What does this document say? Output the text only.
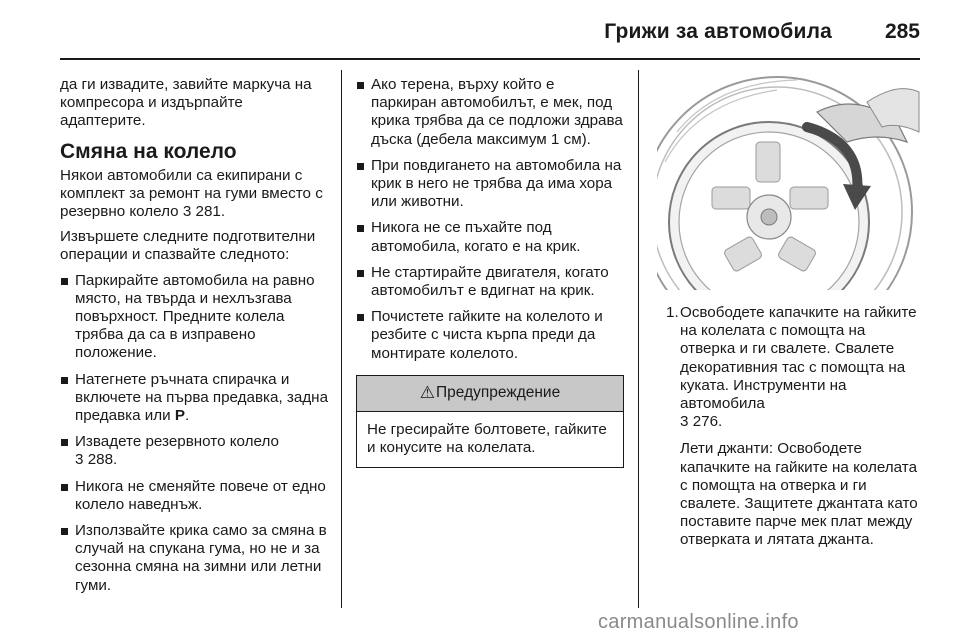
Грижи за автомобила	285

да ги извадите, завийте маркуча на компресора и издърпайте адаптерите.

Смяна на колело

Някои автомобили са екипирани с комплект за ремонт на гуми вместо с резервно колело 3 281.

Извършете следните подготвителни операции и спазвайте следното:

Паркирайте автомобила на равно място, на твърда и нехлъзгава повърхност. Предните колела трябва да са в изправено положение.
Натегнете ръчната спирачка и включете на първа предавка, задна предавка или P.
Извадете резервното колело
3 288.
Никога не сменяйте повече от едно колело наведнъж.
Използвайте крика само за смяна в случай на спукана гума, но не и за сезонна смяна на зимни или летни гуми.
Ако терена, върху който е паркиран автомобилът, е мек, под крика трябва да се подложи здрава дъска (дебела максимум 1 см).
При повдигането на автомобила на крик в него не трябва да има хора или животни.
Никога не се пъхайте под автомобила, когато е на крик.
Не стартирайте двигателя, когато автомобилът е вдигнат на крик.
Почистете гайките на колелото и резбите с чиста кърпа преди да монтирате колелото.
⚠ Предупреждение
Не гресирайте болтовете, гайките и конусите на колелата.
1. Освободете капачките на гайките на колелата с помощта на отверка и ги свалете. Свалете декоративния тас с помощта на куката. Инструменти на автомобила
3 276.

Лети джанти: Освободете капачките на гайките на колелата с помощта на отверка и ги свалете. Защитете джантата като поставите парче мек плат между отверката и лятата джанта.

carmanualsonline.info
